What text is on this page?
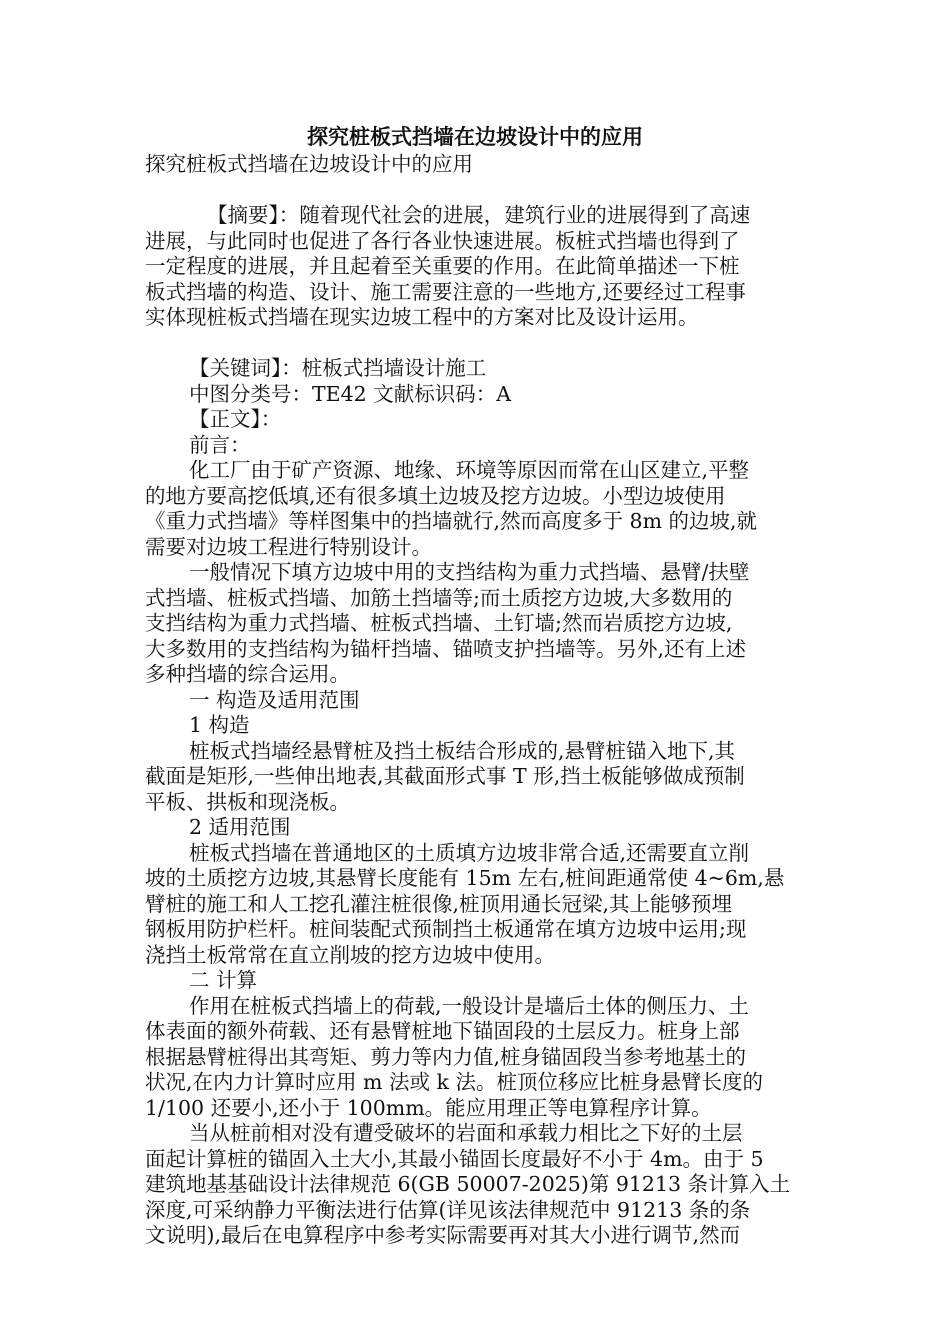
探究桩板式挡墙在边坡设计中的应用
探究桩板式挡墙在边坡设计中的应用
【摘要】：随着现代社会的进展，建筑行业的进展得到了高速
进展，与此同时也促进了各行各业快速进展。板桩式挡墙也得到了
一定程度的进展，并且起着至关重要的作用。在此简单描述一下桩
板式挡墙的构造、设计、施工需要注意的一些地方,还要经过工程事
实体现桩板式挡墙在现实边坡工程中的方案对比及设计运用。
【关键词】：桩板式挡墙设计施工
中图分类号：TE42 文献标识码：A
【正文】：
前言：
化工厂由于矿产资源、地缘、环境等原因而常在山区建立,平整
的地方要高挖低填,还有很多填土边坡及挖方边坡。小型边坡使用
《重力式挡墙》等样图集中的挡墙就行,然而高度多于 8m 的边坡,就
需要对边坡工程进行特别设计。
一般情况下填方边坡中用的支挡结构为重力式挡墙、悬臂/扶壁
式挡墙、桩板式挡墙、加筋土挡墙等;而土质挖方边坡,大多数用的
支挡结构为重力式挡墙、桩板式挡墙、土钉墙;然而岩质挖方边坡,
大多数用的支挡结构为锚杆挡墙、锚喷支护挡墙等。另外,还有上述
多种挡墙的综合运用。
一 构造及适用范围
1 构造
桩板式挡墙经悬臂桩及挡土板结合形成的,悬臂桩锚入地下,其
截面是矩形,一些伸出地表,其截面形式事 T 形,挡土板能够做成预制
平板、拱板和现浇板。
2 适用范围
桩板式挡墙在普通地区的土质填方边坡非常合适,还需要直立削
坡的土质挖方边坡,其悬臂长度能有 15m 左右,桩间距通常使 4~6m,悬
臂桩的施工和人工挖孔灌注桩很像,桩顶用通长冠梁,其上能够预埋
钢板用防护栏杆。桩间装配式预制挡土板通常在填方边坡中运用;现
浇挡土板常常在直立削坡的挖方边坡中使用。
二 计算
作用在桩板式挡墙上的荷载,一般设计是墙后土体的侧压力、土
体表面的额外荷载、还有悬臂桩地下锚固段的土层反力。桩身上部
根据悬臂桩得出其弯矩、剪力等内力值,桩身锚固段当参考地基土的
状况,在内力计算时应用 m 法或 k 法。桩顶位移应比桩身悬臂长度的
1/100 还要小,还小于 100mm。能应用理正等电算程序计算。
当从桩前相对没有遭受破坏的岩面和承载力相比之下好的土层
面起计算桩的锚固入土大小,其最小锚固长度最好不小于 4m。由于 5
建筑地基基础设计法律规范 6(GB 50007-2025)第 91213 条计算入土
深度,可采纳静力平衡法进行估算(详见该法律规范中 91213 条的条
文说明),最后在电算程序中参考实际需要再对其大小进行调节,然而
